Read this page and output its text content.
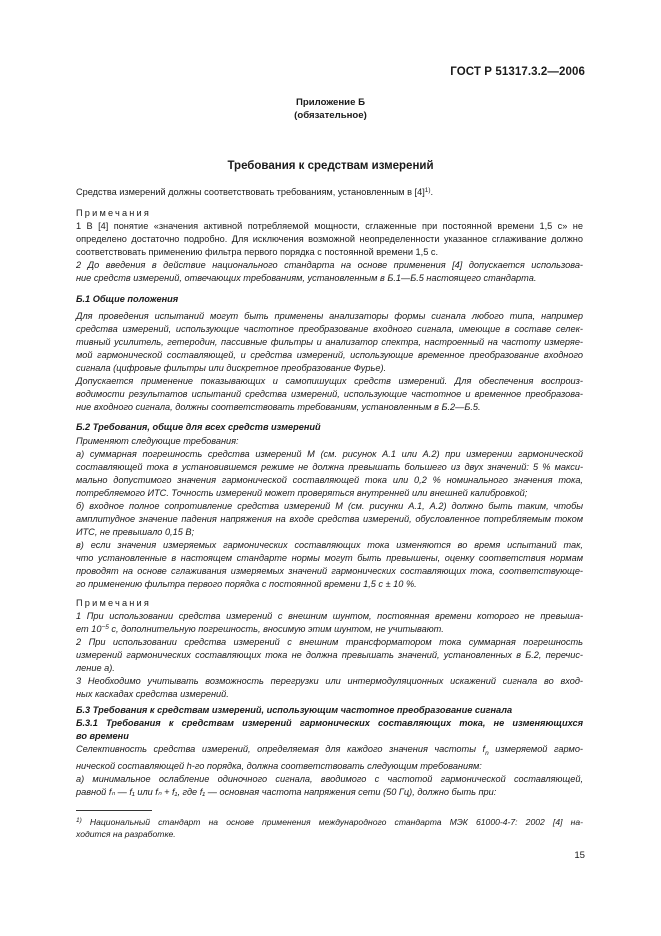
ГОСТ Р 51317.3.2—2006
Приложение Б
(обязательное)
Требования к средствам измерений
Средства измерений должны соответствовать требованиям, установленным в $[4]^{1)}$.
Примечания
1 В [4] понятие «значения активной потребляемой мощности, сглаженные при постоянной времени 1,5 с» не
определено достаточно подробно. Для исключения возможной неопределенности указанное сглаживание должно
соответствовать применению фильтра первого порядка с постоянной времени 1,5 с.
2 До введения в действие национального стандарта на основе применения [4] допускается использова-
ние средств измерений, отвечающих требованиям, установленным в Б.1—Б.5 настоящего стандарта.
Б.1 Общие положения
Для проведения испытаний могут быть применены анализаторы формы сигнала любого типа, например
средства измерений, использующие частотное преобразование входного сигнала, имеющие в составе селек-
тивный усилитель, гетеродин, пассивные фильтры и анализатор спектра, настроенный на частоту измеряе-
мой гармонической составляющей, и средства измерений, использующие временное преобразование входного
сигнала (цифровые фильтры или дискретное преобразование Фурье).
Допускается применение показывающих и самопишущих средств измерений. Для обеспечения воспроиз-
водимости результатов испытаний средства измерений, использующие частотное и временное преобразова-
ние входного сигнала, должны соответствовать требованиям, установленным в Б.2—Б.5.
Б.2 Требования, общие для всех средств измерений
Применяют следующие требования:
а) суммарная погрешность средства измерений М (см. рисунок А.1 или А.2) при измерении гармонической
составляющей тока в установившемся режиме не должна превышать большего из двух значений: 5 % макси-
мально допустимого значения гармонической составляющей тока или 0,2 % номинального значения тока,
потребляемого ИТС. Точность измерений может проверяться внутренней или внешней калибровкой;
б) входное полное сопротивление средства измерений М (см. рисунки А.1, А.2) должно быть таким, чтобы
амплитудное значение падения напряжения на входе средства измерений, обусловленное потребляемым током
ИТС, не превышало 0,15 В;
в) если значения измеряемых гармонических составляющих тока изменяются во время испытаний так,
что установленные в настоящем стандарте нормы могут быть превышены, оценку соответствия нормам
проводят на основе сглаживания измеряемых значений гармонических составляющих тока, соответствующе-
го применению фильтра первого порядка с постоянной времени 1,5 с ± 10 %.
Примечания
1 При использовании средства измерений с внешним шунтом, постоянная времени которого не превыша-
ет $10^{-5}$ с, дополнительную погрешность, вносимую этим шунтом, не учитывают.
2 При использовании средства измерений с внешним трансформатором тока суммарная погрешность
измерений гармонических составляющих тока не должна превышать значений, установленных в Б.2, перечис-
ление а).
3 Необходимо учитывать возможность перегрузки или интермодуляционных искажений сигнала во вход-
ных каскадах средства измерений.
Б.3 Требования к средствам измерений, использующим частотное преобразование сигнала
Б.3.1 Требования к средствам измерений гармонических составляющих тока, не изменяющихся
во времени
Селективность средства измерений, определяемая для каждого значения частоты $f_n$ измеряемой гармо-
нической составляющей h-го порядка, должна соответствовать следующим требованиям:
а) минимальное ослабление одиночного сигнала, вводимого с частотой гармонической составляющей,
равной fₙ — f₁ или fₙ + f₁, где f₁ — основная частота напряжения сети (50 Гц), должно быть при:
$^{1)}$ Национальный стандарт на основе применения международного стандарта МЭК 61000-4-7: 2002 [4] на-
ходится на разработке.
15
